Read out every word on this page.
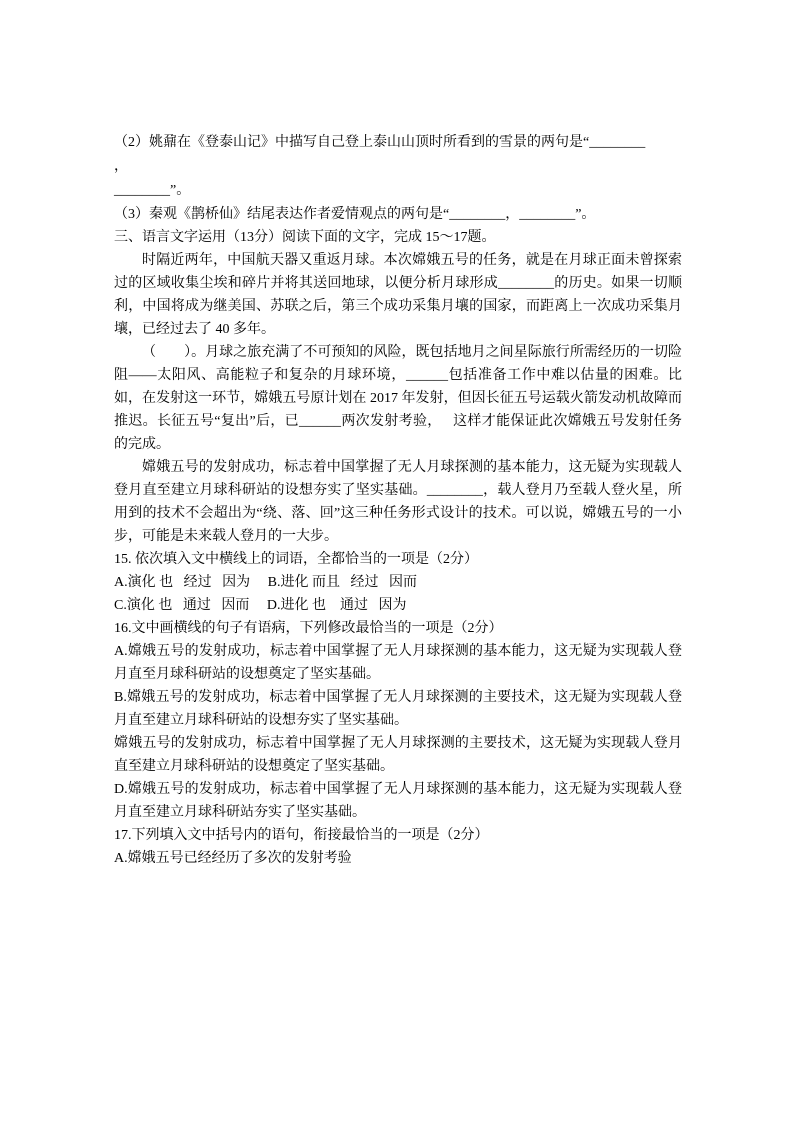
（2）姚鼐在《登泰山记》中描写自己登上泰山山顶时所看到的雪景的两句是“________

，

________”。

（3）秦观《鹊桥仙》结尾表达作者爱情观点的两句是“________，________”。

三、语言文字运用（13分）阅读下面的文字，完成 15～17题。

时隔近两年，中国航天器又重返月球。本次嫦娥五号的任务，就是在月球正面未曾探索过的区域收集尘埃和碎片并将其送回地球，以便分析月球形成________的历史。如果一切顺利，中国将成为继美国、苏联之后，第三个成功采集月壤的国家，而距离上一次成功采集月壤，已经过去了 40 多年。

（　　）。月球之旅充满了不可预知的风险，既包括地月之间星际旅行所需经历的一切险阻——太阳风、高能粒子和复杂的月球环境，______包括准备工作中难以估量的困难。比如，在发射这一环节，嫦娥五号原计划在 2017 年发射，但因长征五号运载火箭发动机故障而推迟。长征五号“复出”后，已______两次发射考验，   这样才能保证此次嫦娥五号发射任务的完成。

嫦娥五号的发射成功，标志着中国掌握了无人月球探测的基本能力，这无疑为实现载人登月直至建立月球科研站的设想夯实了坚实基础。________，载人登月乃至载人登火星，所用到的技术不会超出为“绕、落、回”这三种任务形式设计的技术。可以说，嫦娥五号的一小步，可能是未来载人登月的一大步。

15. 依次填入文中横线上的词语，全都恰当的一项是（2分）

A.演化 也   经过   因为     B.进化 而且   经过   因而

C.演化 也   通过   因而     D.进化 也    通过   因为

16.文中画横线的句子有语病，下列修改最恰当的一项是（2分）

A.嫦娥五号的发射成功，标志着中国掌握了无人月球探测的基本能力，这无疑为实现载人登月直至月球科研站的设想奠定了坚实基础。

B.嫦娥五号的发射成功，标志着中国掌握了无人月球探测的主要技术，这无疑为实现载人登月直至建立月球科研站的设想夯实了坚实基础。

嫦娥五号的发射成功，标志着中国掌握了无人月球探测的主要技术，这无疑为实现载人登月直至建立月球科研站的设想奠定了坚实基础。

D.嫦娥五号的发射成功，标志着中国掌握了无人月球探测的基本能力，这无疑为实现载人登月直至建立月球科研站夯实了坚实基础。

17.下列填入文中括号内的语句，衔接最恰当的一项是（2分）

A.嫦娥五号已经经历了多次的发射考验
